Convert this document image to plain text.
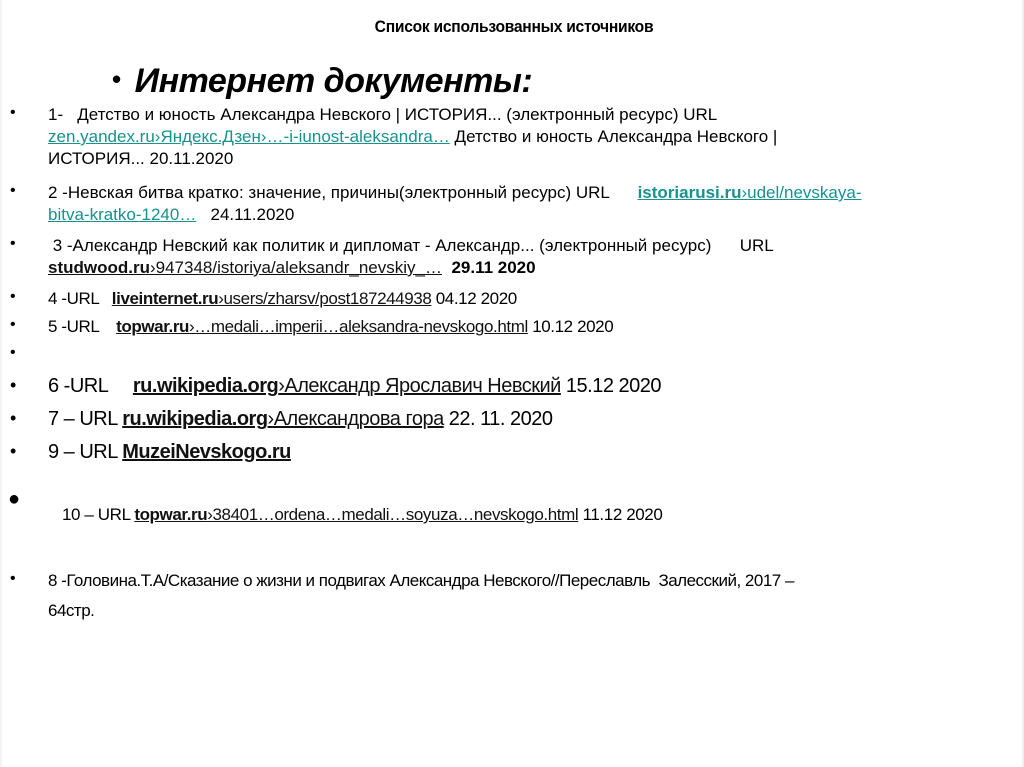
Список использованных источников
• Интернет документы:
• 1-   Детство и юность Александра Невского | ИСТОРИЯ... (электронный ресурс) URL
zen.yandex.ru›Яндекс.Дзен›…-i-iunost-aleksandra… Детство и юность Александра Невского |
ИСТОРИЯ... 20.11.2020
• 2 -Невская битва кратко: значение, причины(электронный ресурс) URL istoriarusi.ru›udel/nevskaya-
bitva-kratko-1240… 24.11.2020
• 3 -Александр Невский как политик и дипломат - Александр... (электронный ресурс)      URL
studwood.ru›947348/istoriya/aleksandr_nevskiy_… 29.11 2020
• 4 -URL   liveinternet.ru›users/zharsv/post187244938 04.12 2020
• 5 -URL    topwar.ru›…medali…imperii…aleksandra-nevskogo.html 10.12 2020
•
• 6 -URL     ru.wikipedia.org›Александр Ярославич Невский 15.12 2020
• 7 – URL ru.wikipedia.org›Александрова гора 22. 11. 2020
• 9 – URL MuzeiNevskogo.ru
●
10 – URL topwar.ru›38401…ordena…medali…soyuza…nevskogo.html 11.12 2020
• 8 -Головина.Т.А/Сказание о жизни и подвигах Александра Невского//Переславль  Залесский, 2017 –
64стр.
